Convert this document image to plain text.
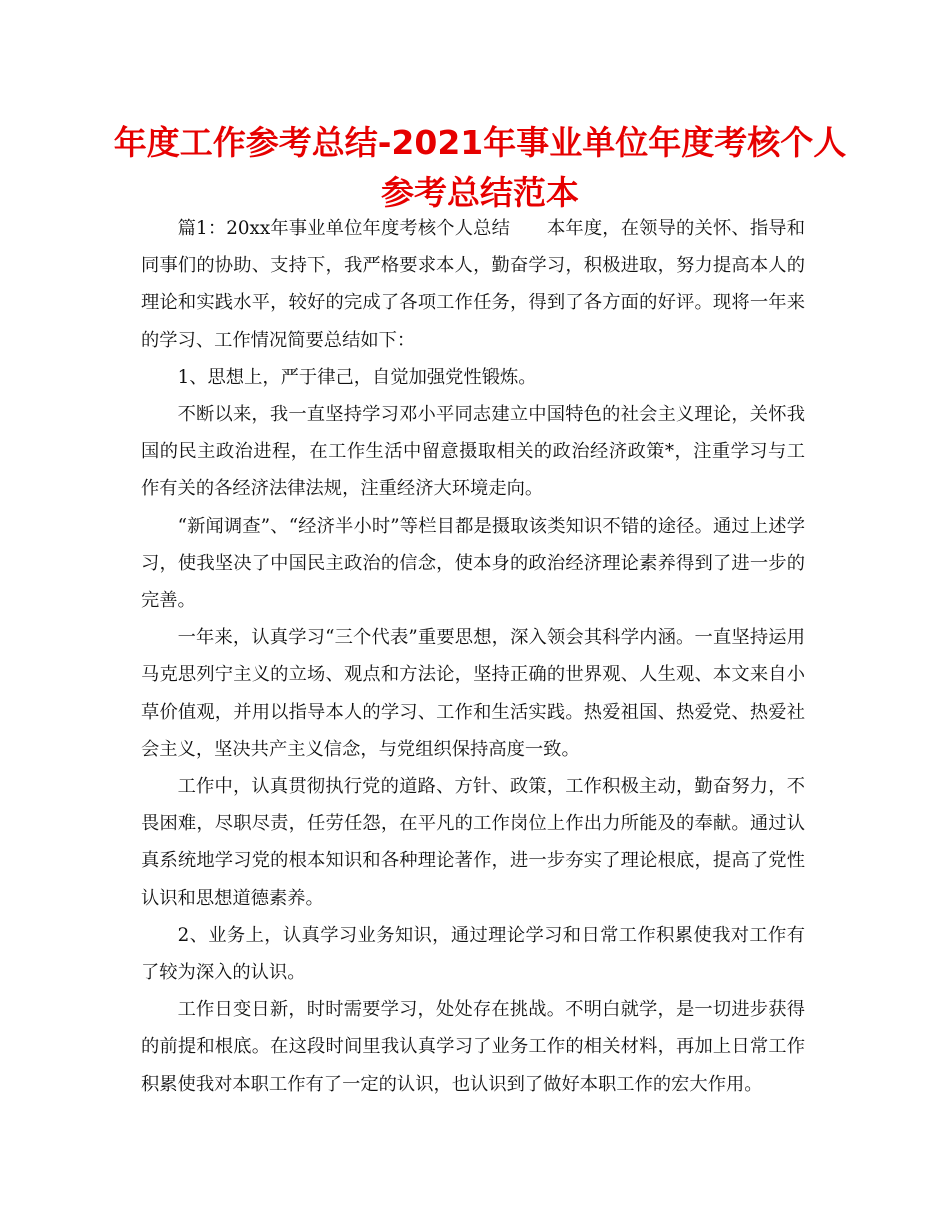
年度工作参考总结-2021年事业单位年度考核个人参考总结范本

篇1：20xx年事业单位年度考核个人总结　　本年度，在领导的关怀、指导和同事们的协助、支持下，我严格要求本人，勤奋学习，积极进取，努力提高本人的理论和实践水平，较好的完成了各项工作任务，得到了各方面的好评。现将一年来的学习、工作情况简要总结如下：

1、思想上，严于律己，自觉加强党性锻炼。

不断以来，我一直坚持学习邓小平同志建立中国特色的社会主义理论，关怀我国的民主政治进程，在工作生活中留意摄取相关的政治经济政策*，注重学习与工作有关的各经济法律法规，注重经济大环境走向。

“新闻调查”、“经济半小时”等栏目都是摄取该类知识不错的途径。通过上述学习，使我坚决了中国民主政治的信念，使本身的政治经济理论素养得到了进一步的完善。

一年来，认真学习“三个代表”重要思想，深入领会其科学内涵。一直坚持运用马克思列宁主义的立场、观点和方法论，坚持正确的世界观、人生观、本文来自小草价值观，并用以指导本人的学习、工作和生活实践。热爱祖国、热爱党、热爱社会主义，坚决共产主义信念，与党组织保持高度一致。

工作中，认真贯彻执行党的道路、方针、政策，工作积极主动，勤奋努力，不畏困难，尽职尽责，任劳任怨，在平凡的工作岗位上作出力所能及的奉献。通过认真系统地学习党的根本知识和各种理论著作，进一步夯实了理论根底，提高了党性认识和思想道德素养。

2、业务上，认真学习业务知识，通过理论学习和日常工作积累使我对工作有了较为深入的认识。

工作日变日新，时时需要学习，处处存在挑战。不明白就学，是一切进步获得的前提和根底。在这段时间里我认真学习了业务工作的相关材料，再加上日常工作积累使我对本职工作有了一定的认识，也认识到了做好本职工作的宏大作用。
